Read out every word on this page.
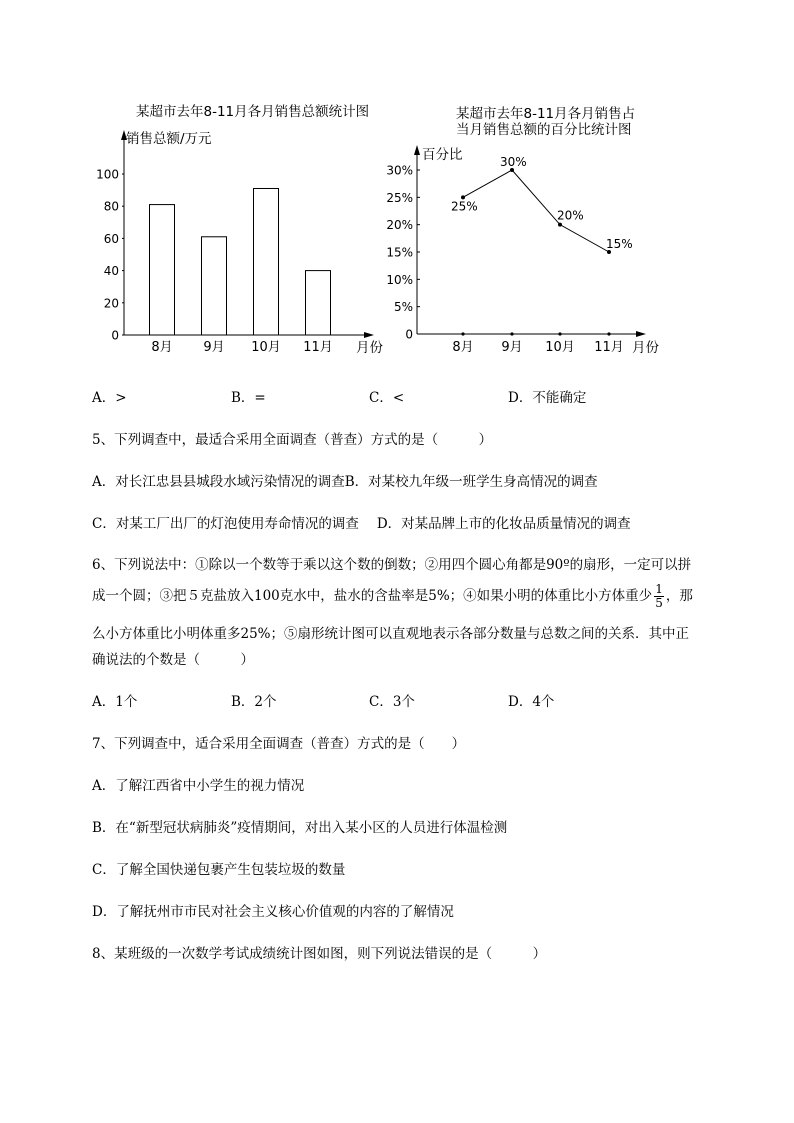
某超市去年8-11月各月销售总额统计图
销售总额/万元
0
20
40
60
80
100
8月 9月 10月 11月 月份
某超市去年8-11月各月销售占
当月销售总额的百分比统计图
百分比
0
5%
10%
15%
20%
25%
30%
8月 9月 10月 11月
25%
30%
20%
15%
月份
A．>	B．=	C．<	D．不能确定
5、下列调查中，最适合采用全面调查（普查）方式的是（　　　）
A．对长江忠县县城段水域污染情况的调查B．对某校九年级一班学生身高情况的调查
C．对某工厂出厂的灯泡使用寿命情况的调查 D．对某品牌上市的化妆品质量情况的调查
6、下列说法中：①除以一个数等于乘以这个数的倒数；②用四个圆心角都是90º的扇形，一定可以拼
成一个圆；③把５克盐放入100克水中，盐水的含盐率是5%；④如果小明的体重比小方体重少 $\frac{1}{5}$ ，那
么小方体重比小明体重多25%；⑤扇形统计图可以直观地表示各部分数量与总数之间的关系．其中正
确说法的个数是（　　　）
A．1个	B．2个	C．3个	D．4个
7、下列调查中，适合采用全面调查（普查）方式的是（　　）
A．了解江西省中小学生的视力情况
B．在“新型冠状病肺炎”疫情期间，对出入某小区的人员进行体温检测
C．了解全国快递包裹产生包装垃圾的数量
D．了解抚州市市民对社会主义核心价值观的内容的了解情况
8、某班级的一次数学考试成绩统计图如图，则下列说法错误的是（　　　）
